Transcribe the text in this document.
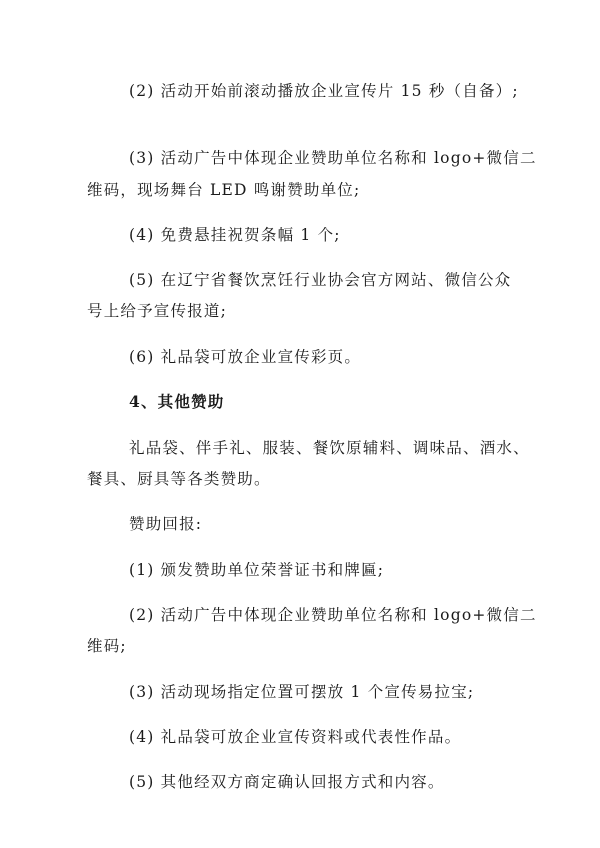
(2) 活动开始前滚动播放企业宣传片 15 秒（自备）;
(3) 活动广告中体现企业赞助单位名称和 logo+微信二
维码，现场舞台 LED 鸣谢赞助单位;
(4) 免费悬挂祝贺条幅 1 个;
(5) 在辽宁省餐饮烹饪行业协会官方网站、微信公众
号上给予宣传报道;
(6) 礼品袋可放企业宣传彩页。
4、其他赞助
礼品袋、伴手礼、服装、餐饮原辅料、调味品、酒水、
餐具、厨具等各类赞助。
赞助回报:
(1) 颁发赞助单位荣誉证书和牌匾;
(2) 活动广告中体现企业赞助单位名称和 logo+微信二
维码;
(3) 活动现场指定位置可摆放 1 个宣传易拉宝;
(4) 礼品袋可放企业宣传资料或代表性作品。
(5) 其他经双方商定确认回报方式和内容。
